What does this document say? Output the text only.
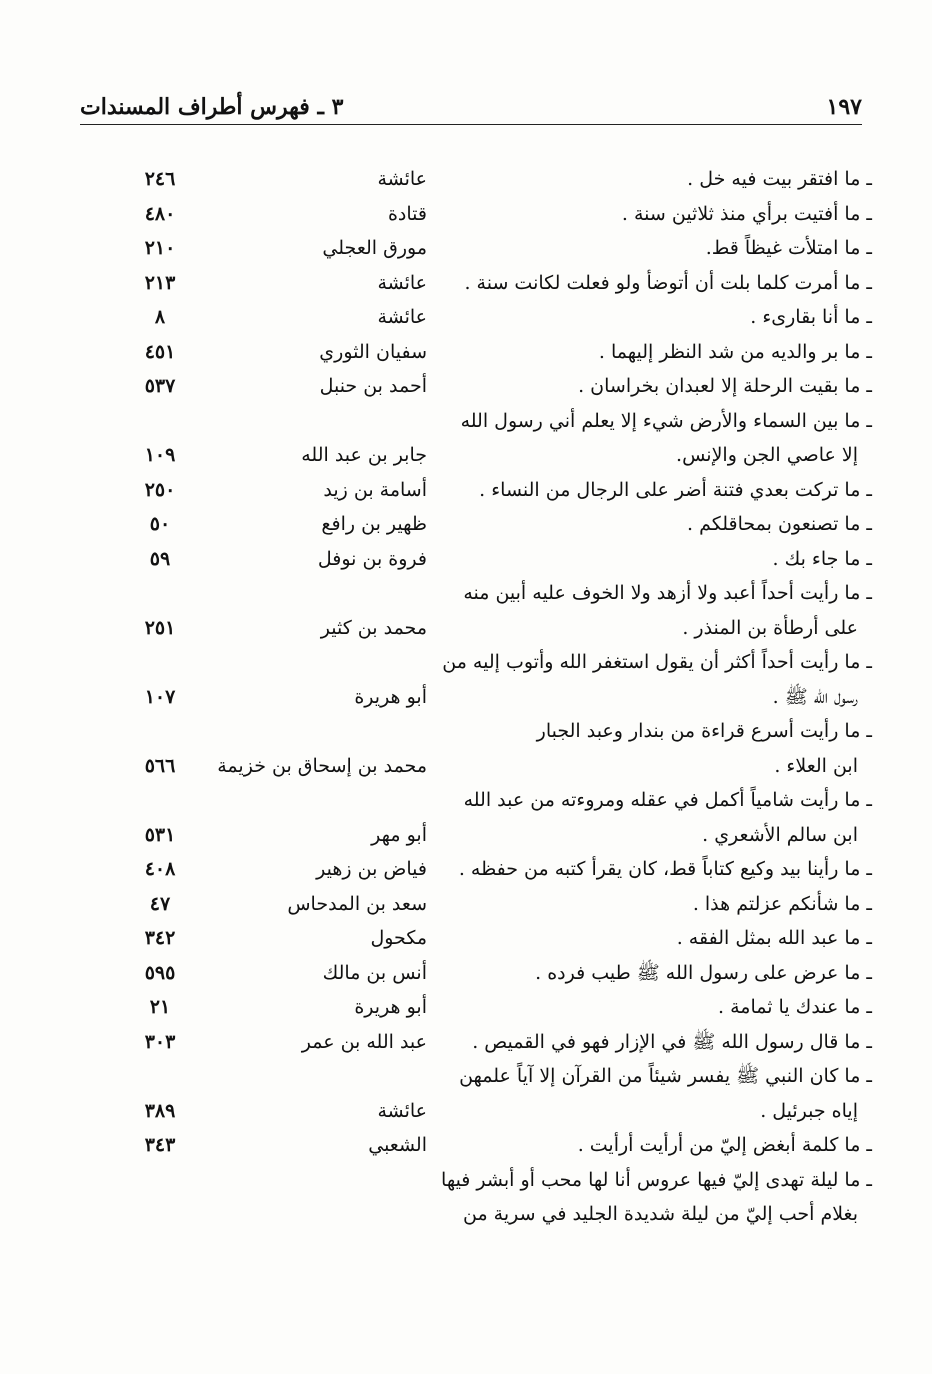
٣ ـ فهرس أطراف المسندات	١٩٧
ـ ما افتقر بيت فيه خل .
عائشة
٢٤٦
ـ ما أفتيت برأي منذ ثلاثين سنة .
قتادة
٤٨٠
ـ ما امتلأت غيظاً قط.
مورق العجلي
٢١٠
ـ ما أمرت كلما بلت أن أتوضأ ولو فعلت لكانت سنة .
عائشة
٢١٣
ـ ما أنا بقارىء .
عائشة
٨
ـ ما بر والديه من شد النظر إليهما .
سفيان الثوري
٤٥١
ـ ما بقيت الرحلة إلا لعبدان بخراسان .
أحمد بن حنبل
٥٣٧
ـ ما بين السماء والأرض شيء إلا يعلم أني رسول الله
إلا عاصي الجن والإنس.
جابر بن عبد الله
١٠٩
ـ ما تركت بعدي فتنة أضر على الرجال من النساء .
أسامة بن زيد
٢٥٠
ـ ما تصنعون بمحاقلكم .
ظهير بن رافع
٥٠
ـ ما جاء بك .
فروة بن نوفل
٥٩
ـ ما رأيت أحداً أعبد ولا أزهد ولا الخوف عليه أبين منه
على أرطأة بن المنذر .
محمد بن كثير
٢٥١
ـ ما رأيت أحداً أكثر أن يقول استغفر الله وأتوب إليه من
رسول الله ﷺ .
أبو هريرة
١٠٧
ـ ما رأيت أسرع قراءة من بندار وعبد الجبار
ابن العلاء .
محمد بن إسحاق بن خزيمة
٥٦٦
ـ ما رأيت شامياً أكمل في عقله ومروءته من عبد الله
ابن سالم الأشعري .
أبو مهر
٥٣١
ـ ما رأينا بيد وكيع كتاباً قط، كان يقرأ كتبه من حفظه .
فياض بن زهير
٤٠٨
ـ ما شأنكم عزلتم هذا .
سعد بن المدحاس
٤٧
ـ ما عبد الله بمثل الفقه .
مكحول
٣٤٢
ـ ما عرض على رسول الله ﷺ طيب فرده .
أنس بن مالك
٥٩٥
ـ ما عندك يا ثمامة .
أبو هريرة
٢١
ـ ما قال رسول الله ﷺ في الإزار فهو في القميص .
عبد الله بن عمر
٣٠٣
ـ ما كان النبي ﷺ يفسر شيئاً من القرآن إلا آياً علمهن
إياه جبرئيل .
عائشة
٣٨٩
ـ ما كلمة أبغض إليّ من أرأيت أرأيت .
الشعبي
٣٤٣
ـ ما ليلة تهدى إليّ فيها عروس أنا لها محب أو أبشر فيها
بغلام أحب إليّ من ليلة شديدة الجليد في سرية من
